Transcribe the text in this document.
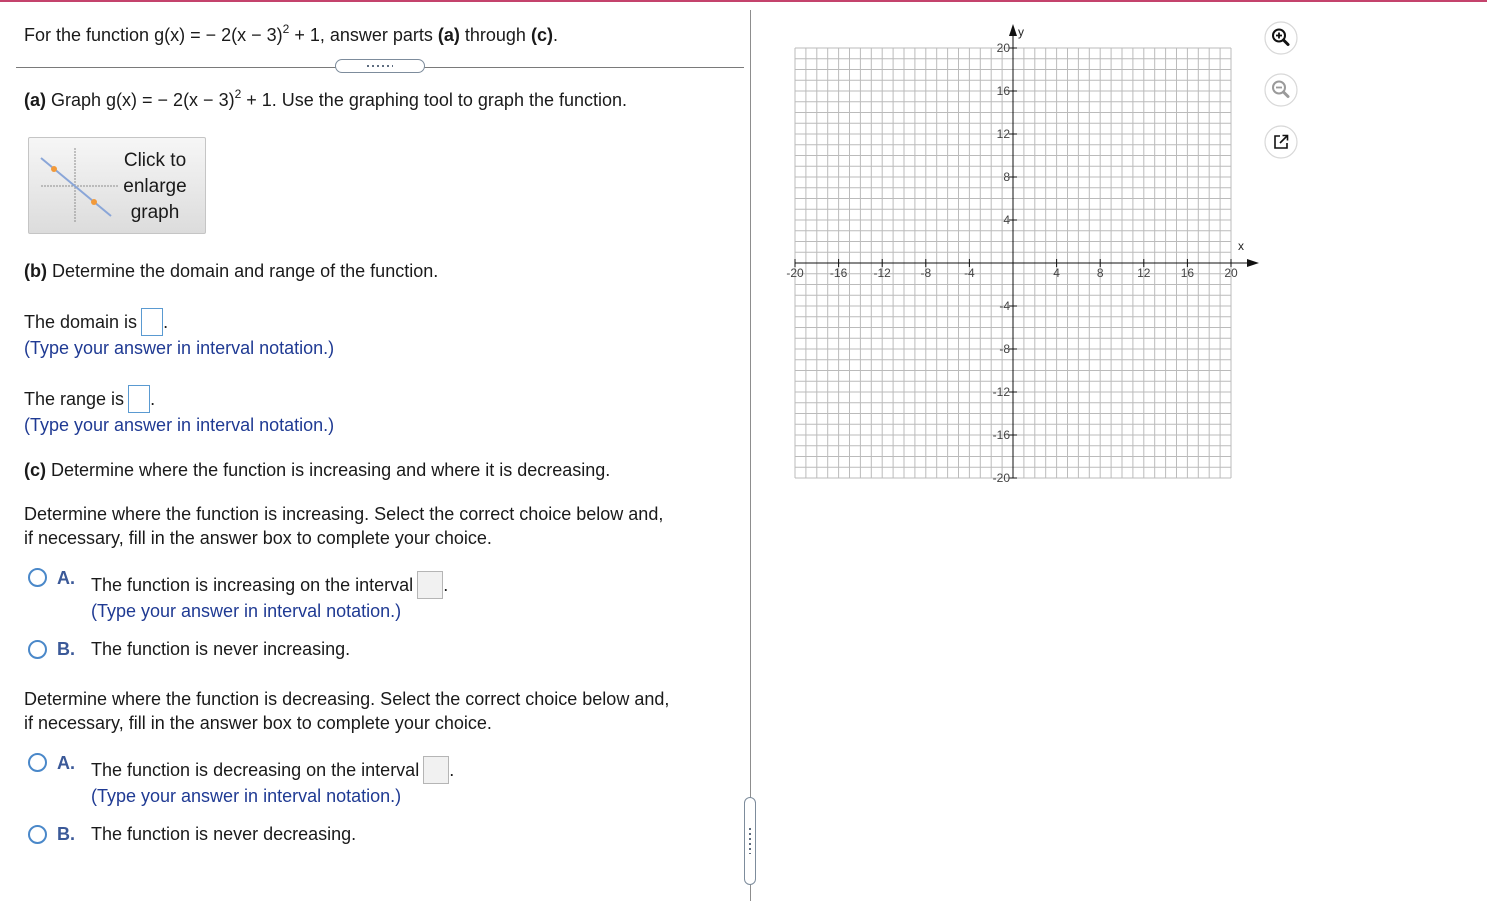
For the function g(x) = − $2(x - 3)^2 + 1$, answer parts (a) through (c).
(a) Graph g(x) = − $2(x - 3)^2 + 1$. Use the graphing tool to graph the function.
Click to
enlarge
graph
(b) Determine the domain and range of the function.
The domain is .
(Type your answer in interval notation.)
The range is .
(Type your answer in interval notation.)
(c) Determine where the function is increasing and where it is decreasing.
Determine where the function is increasing. Select the correct choice below and,
if necessary, fill in the answer box to complete your choice.
A. The function is increasing on the interval .
(Type your answer in interval notation.)
B. The function is never increasing.
Determine where the function is decreasing. Select the correct choice below and,
if necessary, fill in the answer box to complete your choice.
A. The function is decreasing on the interval .
(Type your answer in interval notation.)
B. The function is never decreasing.
x
y
-20 -16 -12 -8	-4	4	8	12	16	20
20
16
12
8
4
-4
-8
-12
-16
-20
